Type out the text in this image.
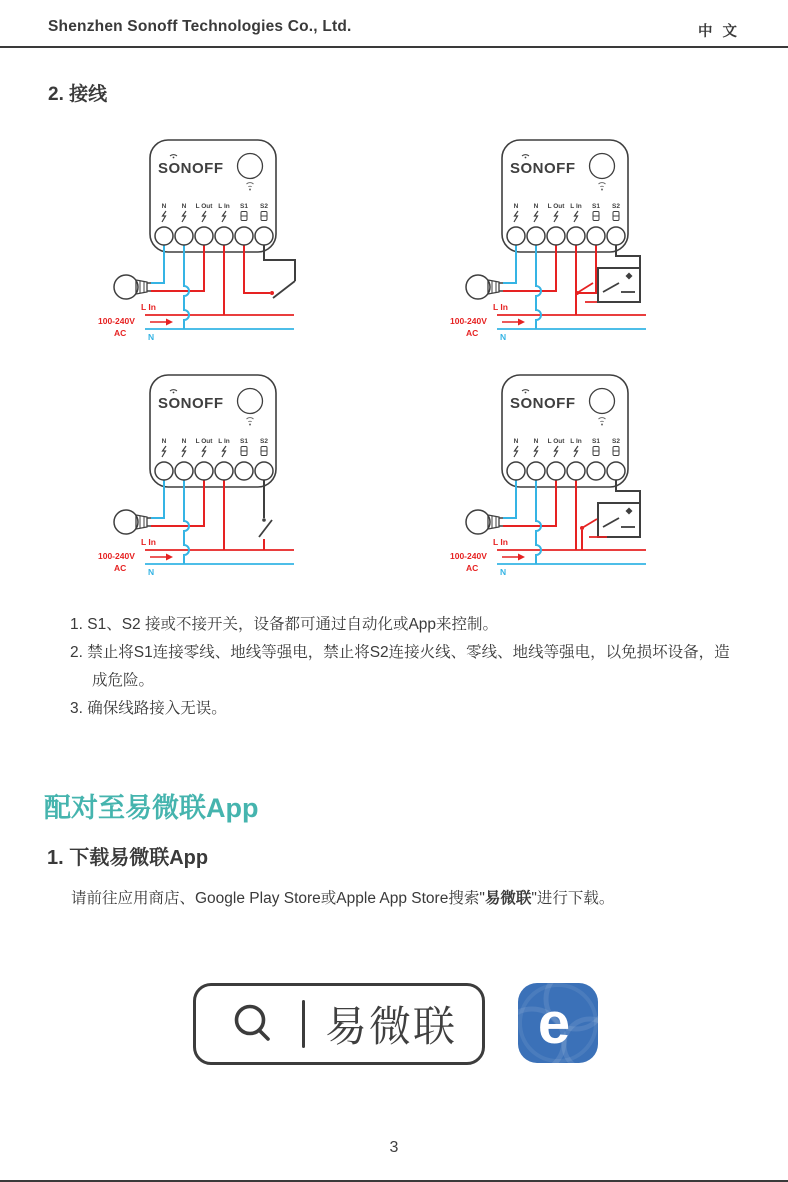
Shenzhen Sonoff Technologies Co., Ltd.	中 文
2. 接线
SONOFF
N N L Out L In S1 S2
L In
100-240V
AC	N
SONOFF
N N L Out L In S1 S2
L In
100-240V
AC	N
SONOFF
N N L Out L In S1 S2
L In
100-240V
AC	N
SONOFF
N N L Out L In S1 S2
L In
100-240V
AC	N
1. S1、S2 接或不接开关，设备都可通过自动化或App来控制。
2. 禁止将S1连接零线、地线等强电，禁止将S2连接火线、零线、地线等强电，以免损坏设备，造成危险。
3. 确保线路接入无误。
配对至易微联App
1. 下载易微联App
请前往应用商店、Google Play Store或Apple App Store搜索"易微联"进行下载。
易微联 e
3
